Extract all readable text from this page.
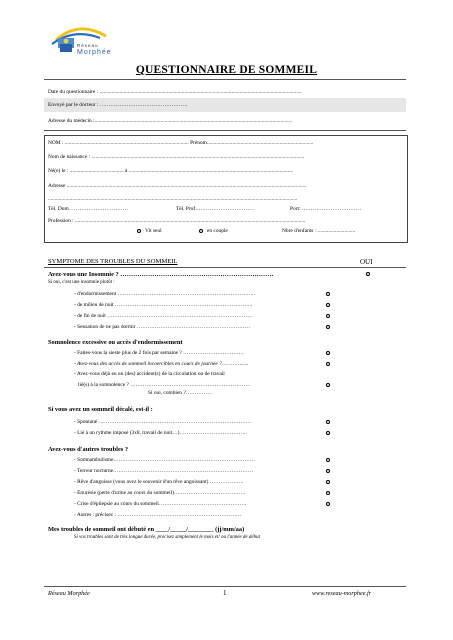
Réseau
Morphée
QUESTIONNAIRE DE SOMMEIL
Date du questionnaire : ......................................................................................................................................................
Envoyé par le docteur : ………………………………………….
Adresse du médecin :...................................................................................................................................................
NOM : ............................................................................................ Prénom...............................................................................
Nom de naissance : ..............................................................................................................................................................
Né(e) le : ........................................ à ..........................................................................................................................
Adresse ..................................................................................................................................................................................
.........................................................................................................................................................................................
Tél. Dom. . …………………………	Tél. Prof……………………………	Port: ……………………………
Profession : ...........................................................................................................................................................................
Vit seul	en couple	Nbre d'enfants : ............................
SYMPTOME DES TROUBLES DU SOMMEIL	OUI
Avez-vous une Insomnie ? ………………………………………………………………
Si oui, c'est une insomnie plutôt :
- d'endormissement …………………………………………………………………..
- de milieu de nuit …………………………………………………………………..
- de fin de nuit ………………………………………………………………………
- Sensation de ne pas dormir ………………………………………………………
Somnolence excessive ou accès d'endormissement
- Faites-vous la sieste plus de 2 fois par semaine ? …………………………….
- Avez-vous des accès de sommeil incoercibles en cours de journée ?……………..
- Avez-vous déjà eu un (des) accident(s) de la circulation ou de travail
lié(s) à la somnolence ? ………………………………………………………….
Si oui, combien ?……………
Si vous avez un sommeil décalé, est-il :
- Spontané ………………………………………………………………………….
- Lié à un rythme imposé (3x8, travail de nuit…)………………………………..
Avez-vous d'autres troubles ?
- Somnambulisme…………………………………………………………………….
- Terreur nocturne……………………………………………………………………
- Rêve d'angoisse (vous avez le souvenir d'un rêve angoissant) ……………….
- Énurésie (perte d'urine au cours du sommeil)………………………………….
- Crise d'épilepsie au cours du sommeil………………………………………….
- Autres : précisez : ……………………………………………………………
Mes troubles de sommeil ont débuté en ____/_____/________ (jj/mm/aa)
Si vos troubles sont de très longue durée, précisez simplement le mois et/ ou l'année de début
Réseau Morphée	1	www.reseau-morphee.fr
